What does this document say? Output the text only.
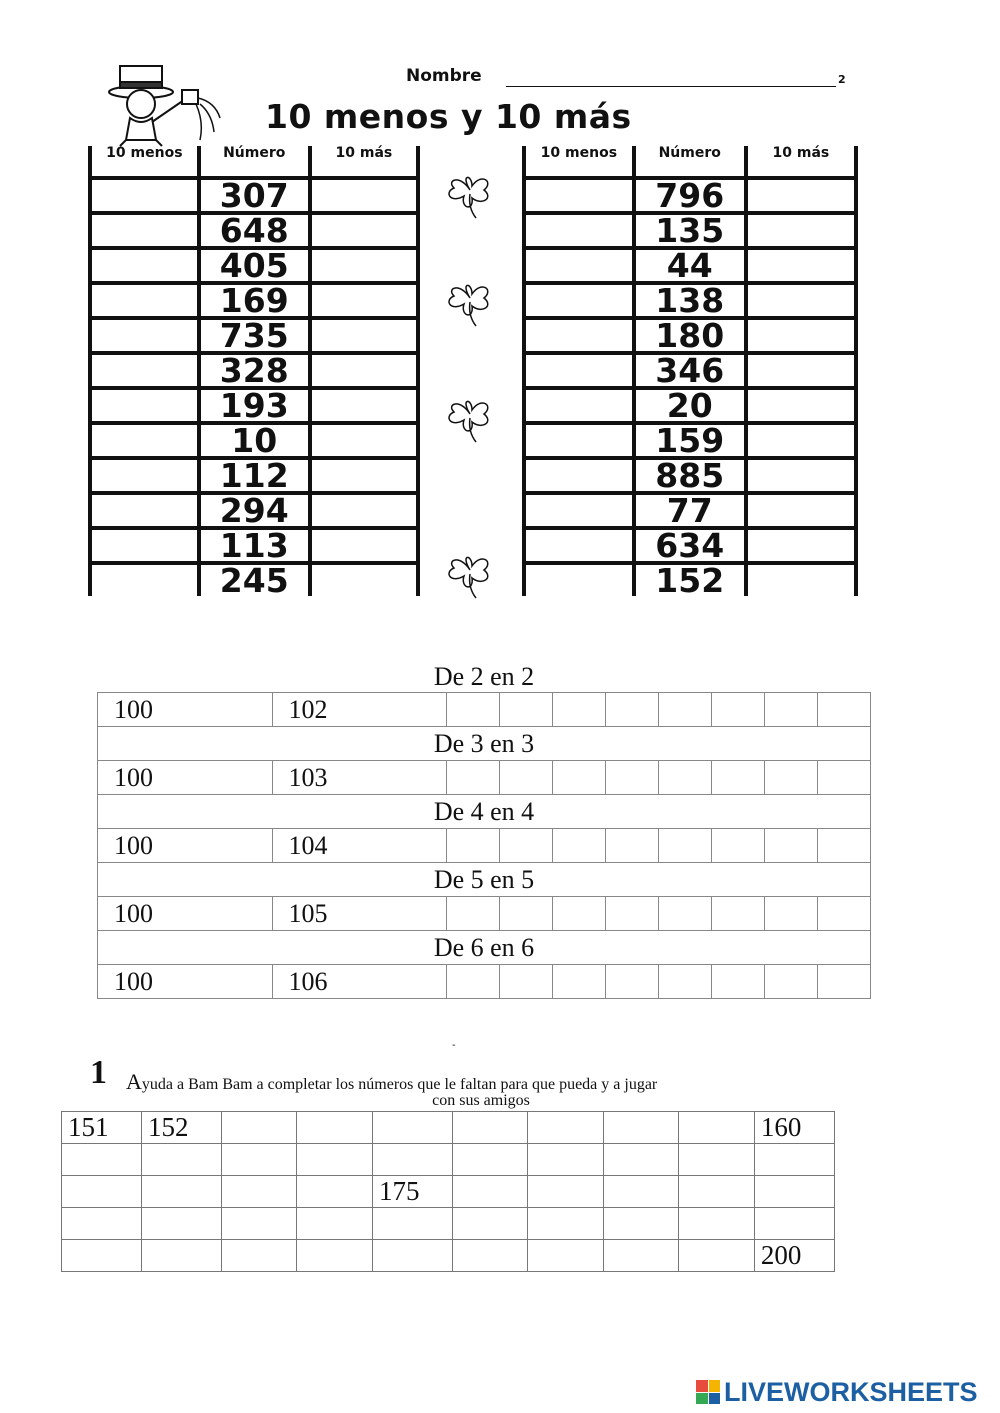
Nombre	2
10 menos y 10 más
10 menos	Número	10 más
	307	
	648	
	405	
	169	
	735	
	328	
	193	
	10	
	112	
	294	
	113	
	245	
10 menos	Número	10 más
	796	
	135	
	44	
	138	
	180	
	346	
	20	
	159	
	885	
	77	
	634	
	152	
De 2 en 2
100	102								
De 3 en 3									
100	103								
De 4 en 4									
100	104								
De 5 en 5									
100	105								
De 6 en 6									
100	106								
-
1 Ayuda a Bam Bam a completar los números que le faltan para que pueda y a jugar
con sus amigos
151	152								160

				175					

									200
LIVEWORKSHEETS
